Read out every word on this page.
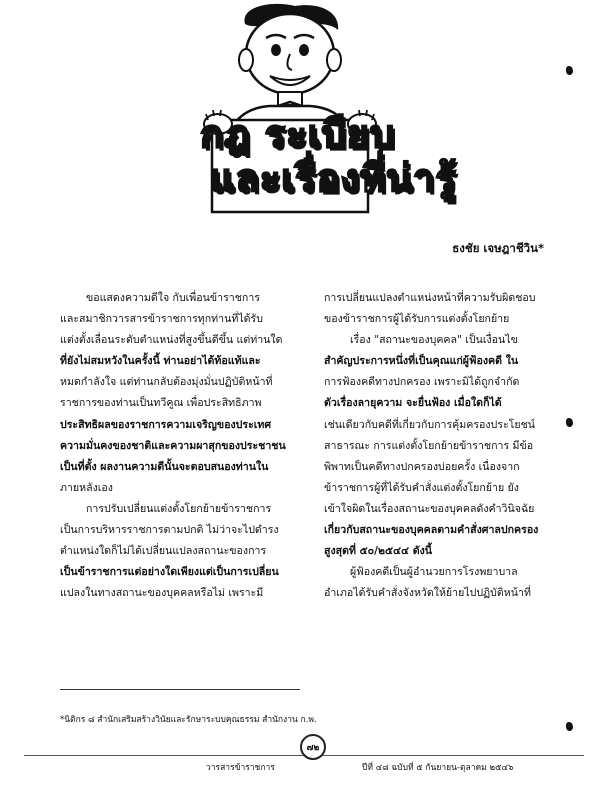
กฎ ระเบียบ
และเรื่องที่น่ารู้
ธงชัย เจษฎาชีวิน*

ขอแสดงความดีใจ กับเพื่อนข้าราชการ
และสมาชิกวารสารข้าราชการทุกท่านที่ได้รับ
แต่งตั้งเลื่อนระดับตำแหน่งที่สูงขึ้นดีขึ้น แต่ท่านใด
ที่ยังไม่สมหวังในครั้งนี้ ท่านอย่าได้ท้อแท้และ
หมดกำลังใจ แต่ท่านกลับต้องมุ่งมั่นปฏิบัติหน้าที่
ราชการของท่านเป็นทวีคูณ เพื่อประสิทธิภาพ
ประสิทธิผลของราชการความเจริญของประเทศ
ความมั่นคงของชาติและความผาสุกของประชาชน
เป็นที่ตั้ง ผลงานความดีนั้นจะตอบสนองท่านใน
ภายหลังเอง

การปรับเปลี่ยนแต่งตั้งโยกย้ายข้าราชการ
เป็นการบริหารราชการตามปกติ ไม่ว่าจะไปดำรง
ตำแหน่งใดก็ไม่ได้เปลี่ยนแปลงสถานะของการ
เป็นข้าราชการแต่อย่างใดเพียงแต่เป็นการเปลี่ยน
แปลงในทางสถานะของบุคคลหรือไม่ เพราะมี

การเปลี่ยนแปลงตำแหน่งหน้าที่ความรับผิดชอบ
ของข้าราชการผู้ได้รับการแต่งตั้งโยกย้าย

เรื่อง "สถานะของบุคคล" เป็นเงื่อนไข
สำคัญประการหนึ่งที่เป็นคุณแก่ผู้ฟ้องคดี ใน
การฟ้องคดีทางปกครอง เพราะมิได้ถูกจำกัด
ตัวเรื่องลายุความ จะยื่นฟ้อง เมื่อใดก็ได้
เช่นเดียวกับคดีที่เกี่ยวกับการคุ้มครองประโยชน์
สาธารณะ การแต่งตั้งโยกย้ายข้าราชการ มีข้อ
พิพาทเป็นคดีทางปกครองบ่อยครั้ง เนื่องจาก
ข้าราชการผู้ที่ได้รับคำสั่งแต่งตั้งโยกย้าย ยัง
เข้าใจผิดในเรื่องสถานะของบุคคลดังคำวินิจฉัย
เกี่ยวกับสถานะของบุคคลตามคำสั่งศาลปกครอง
สูงสุดที่ ๕๐/๒๕๔๔ ดังนี้

ผู้ฟ้องคดีเป็นผู้อำนวยการโรงพยาบาล
อำเภอได้รับคำสั่งจังหวัดให้ย้ายไปปฏิบัติหน้าที่

*นิติกร ๘ สำนักเสริมสร้างวินัยและรักษาระบบคุณธรรม สำนักงาน ก.พ.
๗๒
วารสารข้าราชการ	ปีที่ ๔๘ ฉบับที่ ๕ กันยายน-ตุลาคม ๒๕๔๖
